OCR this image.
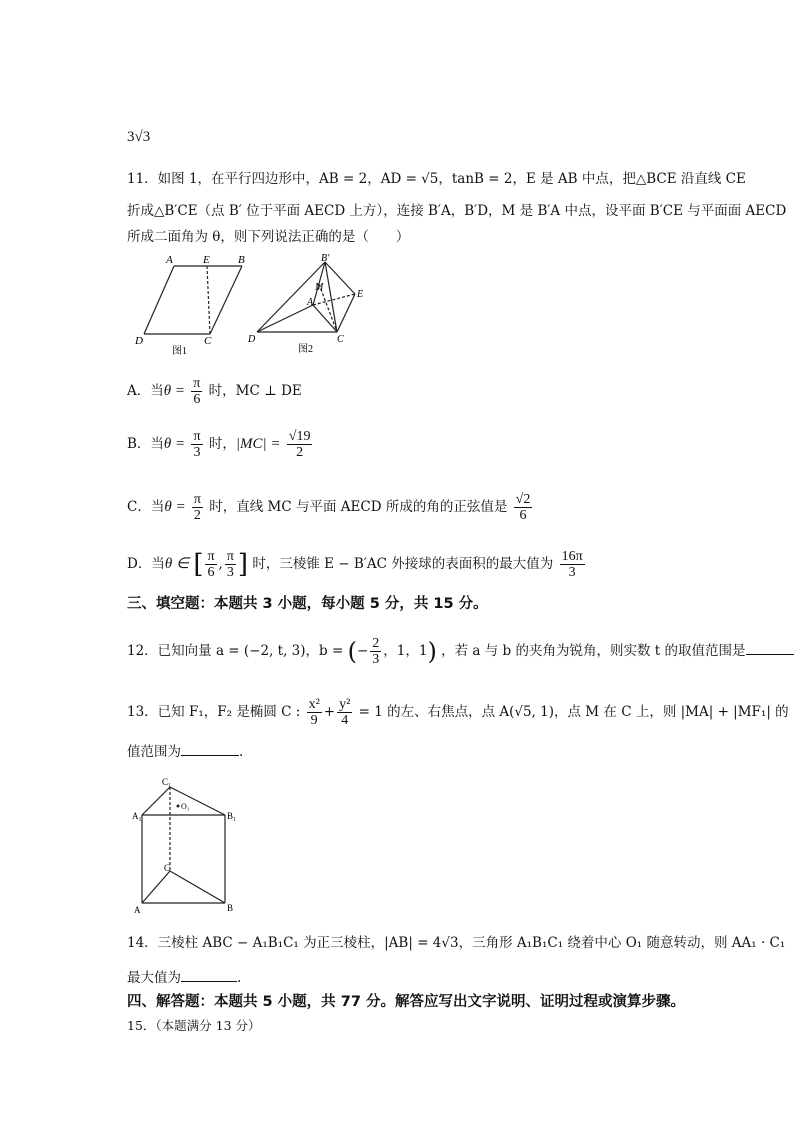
3√3
11．如图 1，在平行四边形中，AB = 2，AD = √5，tanB = 2，E 是 AB 中点，把△BCE 沿直线 CE
折成△B′CE（点 B′ 位于平面 AECD 上方），连接 B′A，B′D，M 是 B′A 中点，设平面 B′CE 与平面面 AECD
所成二面角为 θ，则下列说法正确的是（　　）
A	E	B
D	C
图1
B′
M
E
A
D	C
图2
A．当$\theta = \frac{\pi}{6}$ 时，MC ⊥ DE
B．当$\theta = \frac{\pi}{3}$ 时，$|MC| = \frac{√19}{2}$
C．当$\theta = \frac{\pi}{2}$ 时，直线 MC 与平面 AECD 所成的角的正弦值是 $\frac{√2}{6}$
D．当θ ∈ [ $\frac{\pi}{6}$ , $\frac{\pi}{3}$ ] 时，三棱锥 E − B′AC 外接球的表面积的最大值为 $\frac{16\pi}{3}$
三、填空题：本题共 3 小题，每小题 5 分，共 15 分。
12．已知向量 a = (−2, t, 3)，b = (− $\frac{2}{3}$ ，1，1) ，若 a 与 b 的夹角为锐角，则实数 t 的取值范围是
13．已知 F₁，F₂ 是椭圆 C : $\frac{\text{x²}}{9} + \frac{\text{y²}}{4} = 1$ 的左、右焦点，点 A(√5, 1)，点 M 在 C 上，则 |MA| + |MF₁| 的
值范围为	.
C₁
O₁
A₁	B₁
C
A	B
14．三棱柱 ABC − A₁B₁C₁ 为正三棱柱，|AB| = 4√3，三角形 A₁B₁C₁ 绕着中心 O₁ 随意转动，则 AA₁ · C₁
最大值为	.
四、解答题：本题共 5 小题，共 77 分。解答应写出文字说明、证明过程或演算步骤。
15．（本题满分 13 分）
